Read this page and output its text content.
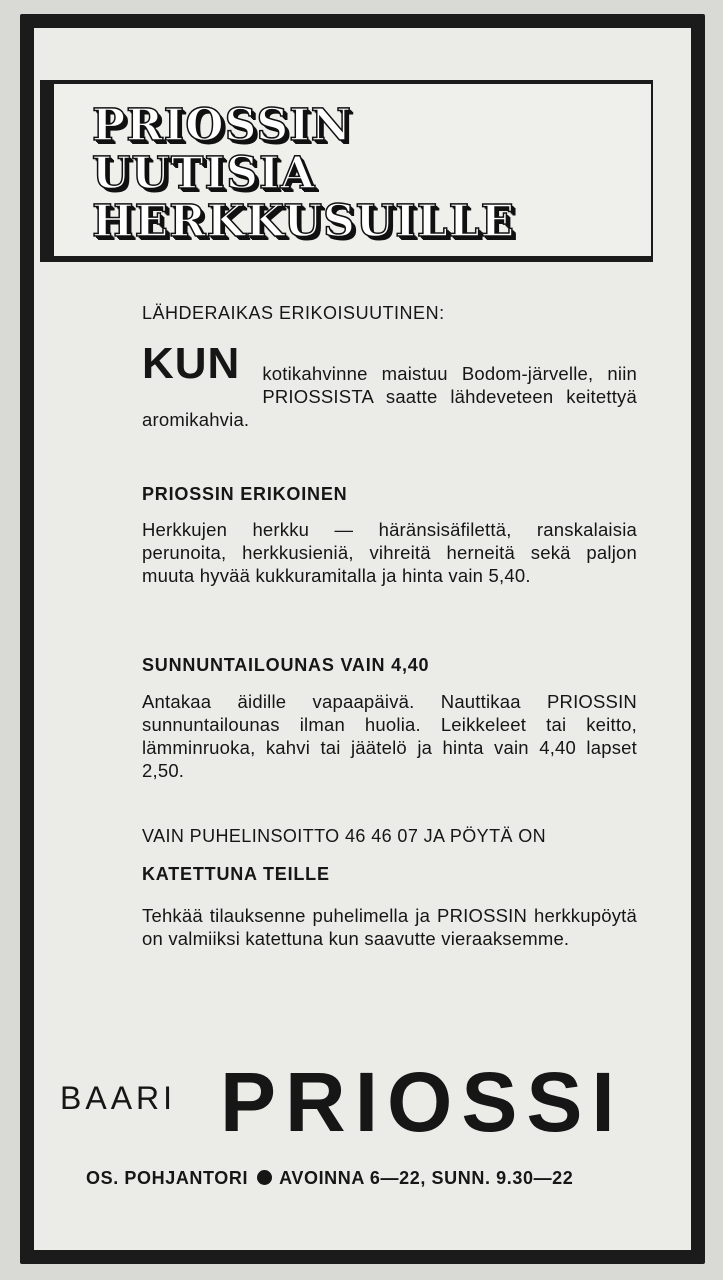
PRIOSSIN
UUTISIA
HERKKUSUILLE
LÄHDERAIKAS ERIKOISUUTINEN:
KUN	kotikahvinne maistuu Bodom-järvelle, niin PRIOSSISTA saatte lähdeveteen keitettyä aromikahvia.
PRIOSSIN ERIKOINEN
Herkkujen herkku — häränsisäfilettä, ranskalaisia perunoita, herkkusieniä, vihreitä herneitä sekä paljon muuta hyvää kukkuramitalla ja hinta vain 5,40.
SUNNUNTAILOUNAS VAIN 4,40
Antakaa äidille vapaapäivä. Nauttikaa PRIOSSIN sunnuntailounas ilman huolia. Leikkeleet tai keitto, lämminruoka, kahvi tai jäätelö ja hinta vain 4,40 lapset 2,50.
VAIN PUHELINSOITTO 46 46 07 JA PÖYTÄ ON
KATETTUNA TEILLE
Tehkää tilauksenne puhelimella ja PRIOSSIN herkkupöytä on valmiiksi katettuna kun saavutte vieraaksemme.
BAARI PRIOSSI
OS. POHJANTORI AVOINNA 6—22, SUNN. 9.30—22
